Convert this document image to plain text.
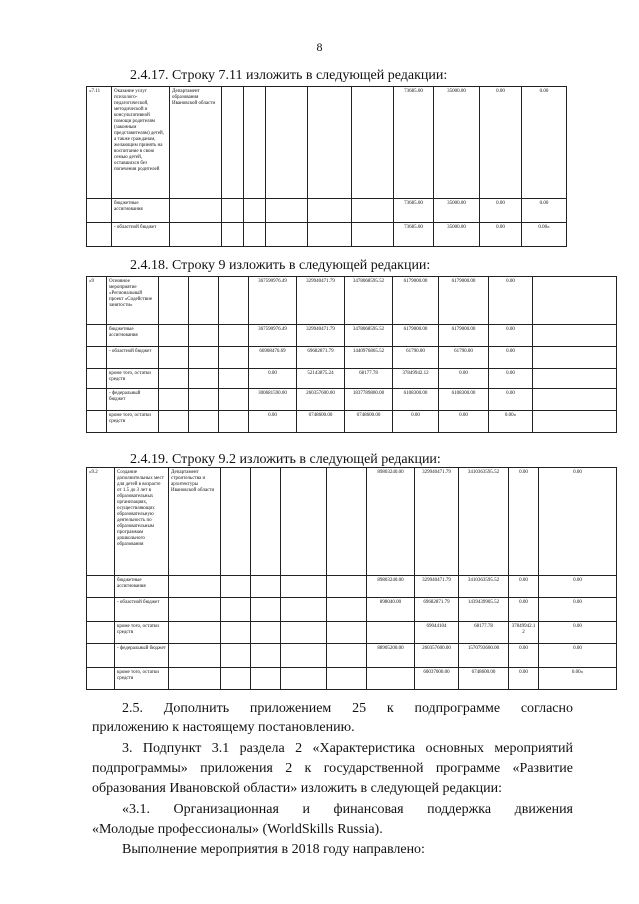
8
2.4.17. Строку 7.11 изложить в следующей редакции:
«7.11	Оказание услуг психолого-педагогической, методической и консультативной помощи родителям (законным представителям) детей, а также гражданам, желающим принять на воспитание в свою семью детей, оставшихся без попечения родителей	Департамент образования Ивановской области						73685.00	35000.00	0.00	0.00
	бюджетные ассигнования							73685.00	35000.00	0.00	0.00
	- областной бюджет							73685.00	35000.00	0.00	0.00»
2.4.18. Строку 9 изложить в следующей редакции:
«9	Основное мероприятие «Региональный проект «Содействие занятости»				367590976.49	329940471.79	3478068595.52	6179000.00	6179000.00	0.00	
	бюджетные ассигнования				367590976.49	329940471.79	3478068595.52	6179000.00	6179000.00	0.00	
	- областной бюджет				66908476.69	69682871.79	1440976865.52	61790.00	61790.00	0.00	
	кроме того, остатки средств				0.00	52143875.24	68177.78	37849942.12	0.00	0.00	
	- федеральный бюджет				300681590.00	260357600.00	1837789800.00	6108300.00	6108300.00	0.00	
	кроме того, остатки средств				0.00	6748600.00	6748600.00	0.00	0.00	0.00»	
2.4.19. Строку 9.2 изложить в следующей редакции:
«9.2	Создание дополнительных мест для детей в возрасте от 1.5 до 3 лет в образовательных организациях, осуществляющих образовательную деятельность по образовательным программам дошкольного образования	Департамент строительства и архитектуры Ивановской области					89803240.00	329940471.79	3410363595.52	0.00	0.00
	бюджетные ассигнования						89803240.00	329940471.79	3410363595.52	0.00	0.00
	- областной бюджет						898040.00	69682871.79	1439439905.52	0.00	0.00
	кроме того, остатки средств							69044104	68177.78	37849942.12	0.00
	- федеральный бюджет						88905200.00	260357600.00	1570793600.00	0.00	0.00
	кроме того, остатки средств							60037000.00	6748600.00	0.00	0.00»
2.5. Дополнить приложением 25 к подпрограмме согласно
приложению к настоящему постановлению.
3. Подпункт 3.1 раздела 2 «Характеристика основных мероприятий
подпрограммы» приложения 2 к государственной программе «Развитие
образования Ивановской области» изложить в следующей редакции:
«3.1. Организационная и финансовая поддержка движения
«Молодые профессионалы» (WorldSkills Russia).
Выполнение мероприятия в 2018 году направлено:
